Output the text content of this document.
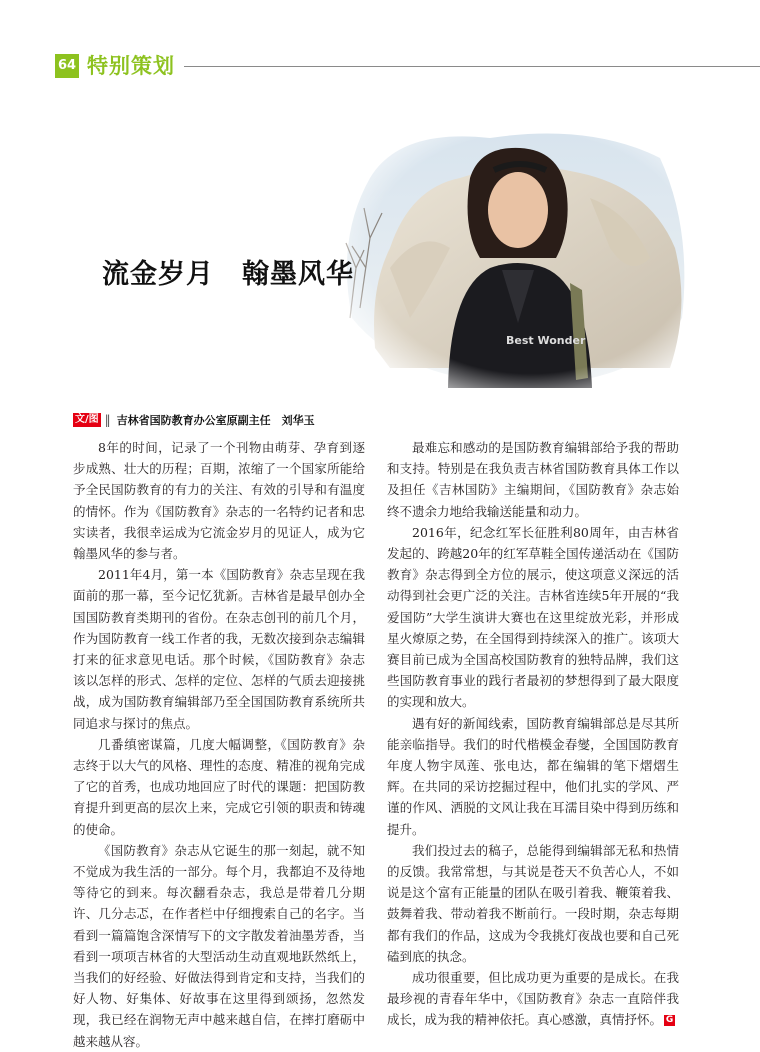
64 特别策划
流金岁月　翰墨风华
文/图 ‖ 吉林省国防教育办公室原副主任　刘华玉

8年的时间，记录了一个刊物由萌芽、孕育到逐步成熟、壮大的历程；百期，浓缩了一个国家所能给予全民国防教育的有力的关注、有效的引导和有温度的情怀。作为《国防教育》杂志的一名特约记者和忠实读者，我很幸运成为它流金岁月的见证人，成为它翰墨风华的参与者。

2011年4月，第一本《国防教育》杂志呈现在我面前的那一幕，至今记忆犹新。吉林省是最早创办全国国防教育类期刊的省份。在杂志创刊的前几个月，作为国防教育一线工作者的我，无数次接到杂志编辑打来的征求意见电话。那个时候，《国防教育》杂志该以怎样的形式、怎样的定位、怎样的气质去迎接挑战，成为国防教育编辑部乃至全国国防教育系统所共同追求与探讨的焦点。

几番缜密谋篇，几度大幅调整，《国防教育》杂志终于以大气的风格、理性的态度、精准的视角完成了它的首秀，也成功地回应了时代的课题：把国防教育提升到更高的层次上来，完成它引领的职责和铸魂的使命。

《国防教育》杂志从它诞生的那一刻起，就不知不觉成为我生活的一部分。每个月，我都迫不及待地等待它的到来。每次翻看杂志，我总是带着几分期许、几分忐忑，在作者栏中仔细搜索自己的名字。当看到一篇篇饱含深情写下的文字散发着油墨芳香，当看到一项项吉林省的大型活动生动直观地跃然纸上，当我们的好经验、好做法得到肯定和支持，当我们的好人物、好集体、好故事在这里得到颂扬，忽然发现，我已经在润物无声中越来越自信，在摔打磨砺中越来越从容。

最难忘和感动的是国防教育编辑部给予我的帮助和支持。特别是在我负责吉林省国防教育具体工作以及担任《吉林国防》主编期间，《国防教育》杂志始终不遗余力地给我输送能量和动力。

2016年，纪念红军长征胜利80周年，由吉林省发起的、跨越20年的红军草鞋全国传递活动在《国防教育》杂志得到全方位的展示，使这项意义深远的活动得到社会更广泛的关注。吉林省连续5年开展的“我爱国防”大学生演讲大赛也在这里绽放光彩，并形成星火燎原之势，在全国得到持续深入的推广。该项大赛目前已成为全国高校国防教育的独特品牌，我们这些国防教育事业的践行者最初的梦想得到了最大限度的实现和放大。

遇有好的新闻线索，国防教育编辑部总是尽其所能亲临指导。我们的时代楷模金春燮，全国国防教育年度人物宇凤莲、张电达，都在编辑的笔下熠熠生辉。在共同的采访挖掘过程中，他们扎实的学风、严谨的作风、洒脱的文风让我在耳濡目染中得到历练和提升。

我们投过去的稿子，总能得到编辑部无私和热情的反馈。我常常想，与其说是苍天不负苦心人，不如说是这个富有正能量的团队在吸引着我、鞭策着我、鼓舞着我、带动着我不断前行。一段时期，杂志每期都有我们的作品，这成为令我挑灯夜战也要和自己死磕到底的执念。

成功很重要，但比成功更为重要的是成长。在我最珍视的青春年华中，《国防教育》杂志一直陪伴我成长，成为我的精神依托。真心感激，真情抒怀。 G
